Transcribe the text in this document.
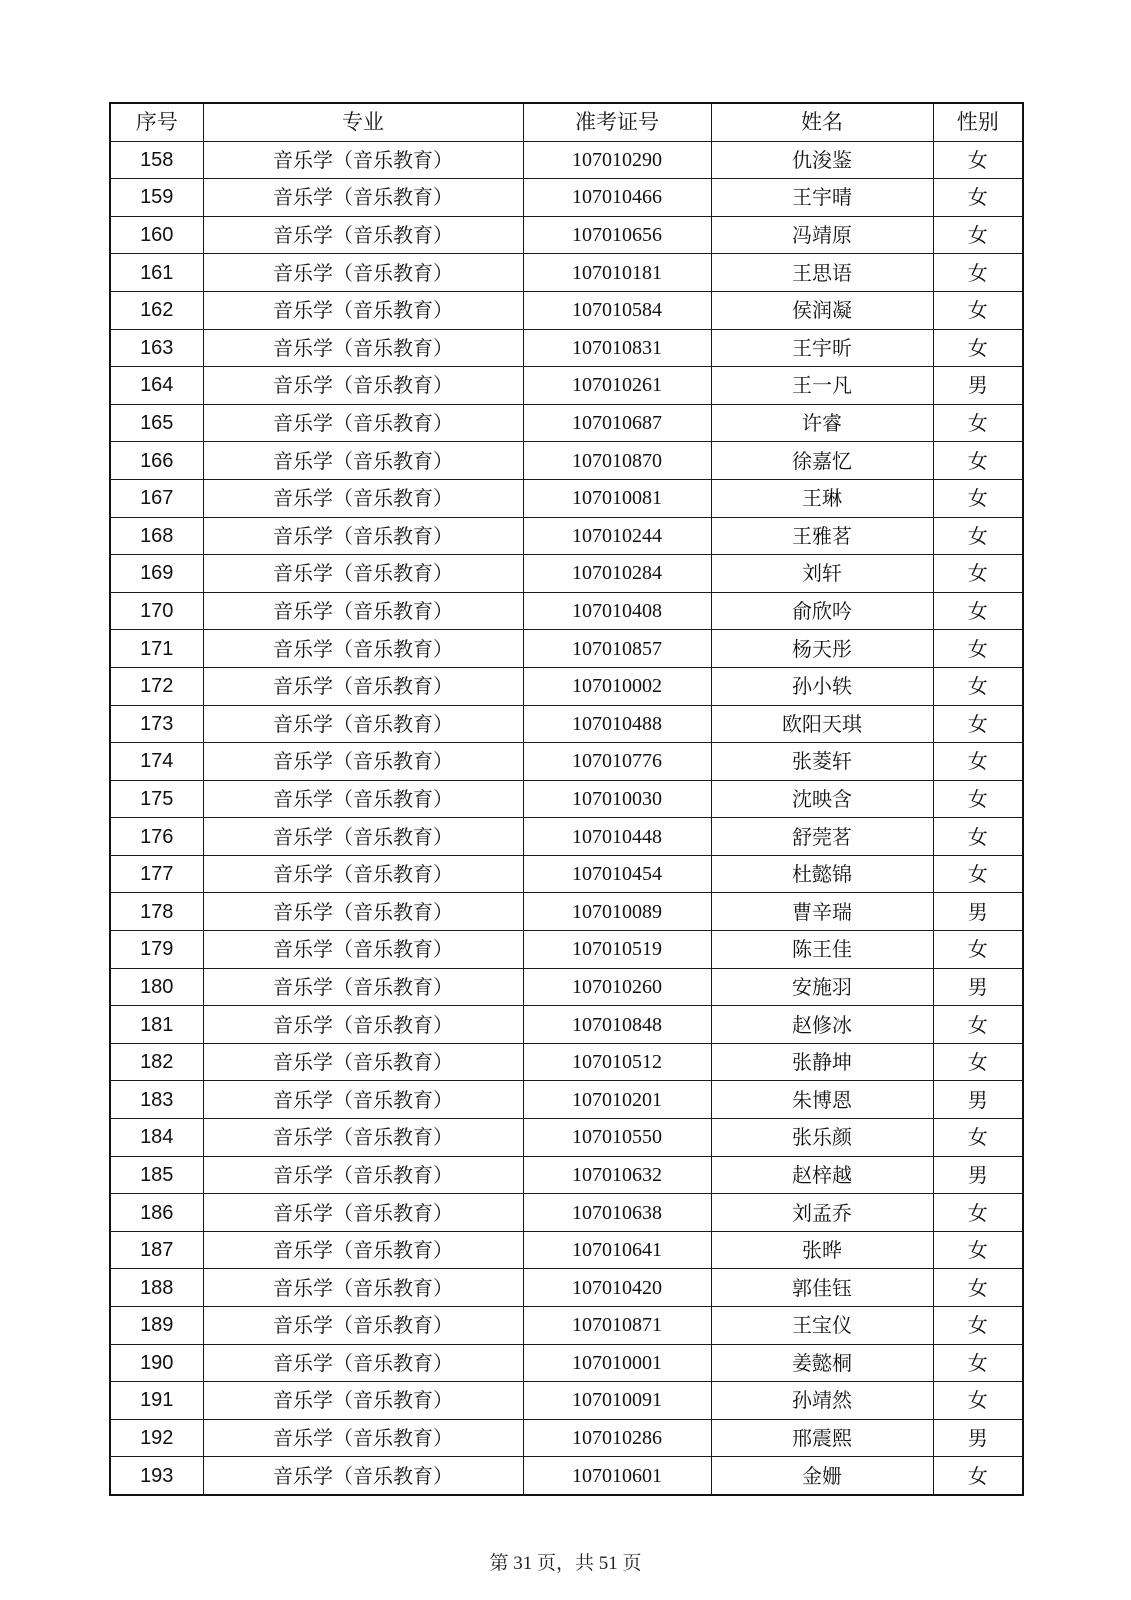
序号	专业	准考证号	姓名	性别
158	音乐学（音乐教育）	107010290	仇浚鉴	女
159	音乐学（音乐教育）	107010466	王宇晴	女
160	音乐学（音乐教育）	107010656	冯靖原	女
161	音乐学（音乐教育）	107010181	王思语	女
162	音乐学（音乐教育）	107010584	侯润凝	女
163	音乐学（音乐教育）	107010831	王宇昕	女
164	音乐学（音乐教育）	107010261	王一凡	男
165	音乐学（音乐教育）	107010687	许睿	女
166	音乐学（音乐教育）	107010870	徐嘉忆	女
167	音乐学（音乐教育）	107010081	王琳	女
168	音乐学（音乐教育）	107010244	王雅茗	女
169	音乐学（音乐教育）	107010284	刘轩	女
170	音乐学（音乐教育）	107010408	俞欣吟	女
171	音乐学（音乐教育）	107010857	杨天彤	女
172	音乐学（音乐教育）	107010002	孙小轶	女
173	音乐学（音乐教育）	107010488	欧阳天琪	女
174	音乐学（音乐教育）	107010776	张菱轩	女
175	音乐学（音乐教育）	107010030	沈映含	女
176	音乐学（音乐教育）	107010448	舒莞茗	女
177	音乐学（音乐教育）	107010454	杜懿锦	女
178	音乐学（音乐教育）	107010089	曹辛瑞	男
179	音乐学（音乐教育）	107010519	陈王佳	女
180	音乐学（音乐教育）	107010260	安施羽	男
181	音乐学（音乐教育）	107010848	赵修冰	女
182	音乐学（音乐教育）	107010512	张静坤	女
183	音乐学（音乐教育）	107010201	朱博恩	男
184	音乐学（音乐教育）	107010550	张乐颜	女
185	音乐学（音乐教育）	107010632	赵梓越	男
186	音乐学（音乐教育）	107010638	刘孟乔	女
187	音乐学（音乐教育）	107010641	张晔	女
188	音乐学（音乐教育）	107010420	郭佳钰	女
189	音乐学（音乐教育）	107010871	王宝仪	女
190	音乐学（音乐教育）	107010001	姜懿桐	女
191	音乐学（音乐教育）	107010091	孙靖然	女
192	音乐学（音乐教育）	107010286	邢震熙	男
193	音乐学（音乐教育）	107010601	金姗	女
第 31 页，共 51 页
